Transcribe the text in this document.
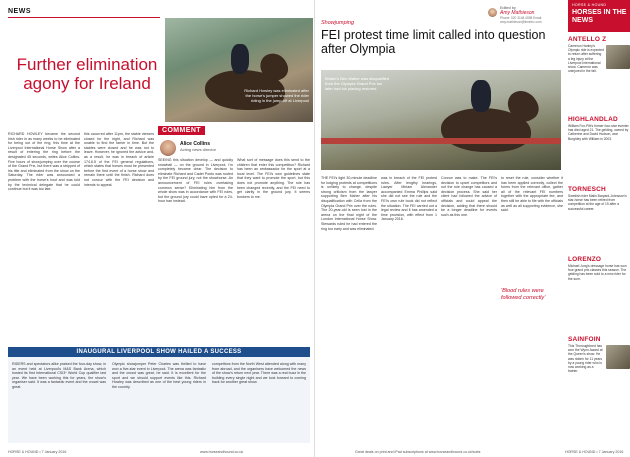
NEWS
Further elimination agony for Ireland	Richard Howley was eliminated after the horse's jumper showed the rider riding in the jump-off at Liverpool
RICHARD HOWLEY became the second Irish rider in as many weeks to be eliminated for being out of the ring, this time at the Liverpool International Horse Show after a result of entering the ring before the designated 45 seconds, writes Alice Collins. Five hours of showjumping over the course of the Grand Prix, but there was a stripped of his title and eliminated from the show on the Saturday. The rider was announced a problem with the horse's hoof and was told by the technical delegate that he could continue but it was too late.
this occurred after 11pm, the stable viewers closed for the night, and Richard was unable to find the farrier in time. But the stables were closed and he was not to leave. However, he ignored the advice and, as a result, he was in breach of article 174.6.5 of the FEI general regulations, which states that horses must be presented before the first event of a horse show and remain there until the finish. Richard does not concur with the FEI decision and intends to appeal.
COMMENT
Alice Collins
Acting news director
SEEING this situation develop — and quickly snowball — on the ground in Liverpool, I'm completely became clear. The decision to eliminate Richard and Cadet Ponto was rooted by the FEI ground jury, not the showhorse. An announcement of FEI rules overtaking common sense? Eliminating him from the whole show was in accordance with FEI rules, but the ground jury could have opted for a 24-hour ban instead.
What sort of message does this send to the children that enter this competition? Richard has been an ambassador for the sport at a local level. The FEI's own guidelines state that they want to promote the sport, but this does not promote anything. The rule has been changed recently, and the FEI need to get clarity in the ground jury. It seems bonkers to me.
INAUGURAL LIVERPOOL SHOW HAILED A SUCCESS
RIDERS and spectators alike praised the four-day show, in an event held at Liverpool's M&S Bank Arena, which hosted its first International CSI3* World Cup qualifier last year. We have been working this for years, the show's organiser said. It was a fantastic event and the crowd was great.
Olympic showjumper Peter Charles was thrilled to have won a five-star event in Liverpool. The arena was fantastic and the crowd was great, he said. It is excellent for the sport and we should support events like this. Richard Howley was described as one of the best young riders in the country.
competitors from the North West attended along with many from abroad, and the organisers have welcomed the news of the show's return next year. There was a real buzz in the building every single night and we look forward to coming back for another great show.
HORSE & HOUND • 7 January 2016	www.horseandhound.co.uk
Edited by
Amy Mathieson
Phone: 020 3148 4598 Email: amy.mathieson@timeinc.com
HORSE & HOUND
HORSES IN THE NEWS
Showjumping
FEI protest time limit called into question after Olympia
Britain's Ben Maher was disqualified from the Olympia Grand Prix but later had his placing restored
THE FEI's tight 30-minute deadline for lodging protests at competitions is unlikely to change, despite strong criticism from the lawyer supporting Ben Maher after his disqualification with Cella from the Olympia Grand Prix over the rules. The 20-year-old is seen lost in the arena on the final night of the London International Horse Show. Stewards ruled he had entered the ring too early and was eliminated.
was in breach of the FEI protest rules. After lengthy hearings, Lawyer Miriam Alexander accompanied Emma Phillips said she did not see the rule and the FEI's own rule book did not reflect the situation. The FEI carried out a legal review and it has amended a time provision, with effect from 1 January 2016.
Connor was to make. The FEI's decision to upset competitors and not the rule change has caused a decision process. She said her client had followed the advice of officials and could appeal the decision, adding that there should be a longer deadline for events such as this one.
to reset the rule, consider whether it has been applied correctly, collect the forms from the relevant office, gather all of the relevant FEI numbers together with the appropriate fee, and then still be able to file with the officials as well as all supporting evidence, she said.
'Blood rules were followed correctly'
ANTELLO Z
Cameron Hanley's Olympic ride is expected to return after suffering a leg injury at the Liverpool International show. Cameron was uninjured in the fall.
HIGHLANDLAD
William Fox-Pitt's former four-star eventer has died aged 21. The gelding, owned by Catherine and David Hudson, won Burghley with William in 2003.
TORNESCH
Swedish rider Malin Baryard-Johnsson's star-horse has been retired from competition at the age of 19 after a successful career.
LORENZO
Michael Jung's dressage horse has won four grand prix classes this season. The gelding has been sold to a new rider for the sum.
SAINFOIN
This Thoroughbred has won the Wynn Award at the Queen's show. He was ridden for 11 years by a young rider who is now working as a trainer.
Great deals on print and iPad subscriptions at www.horseandhound.co.uk/subs	HORSE & HOUND • 7 January 2016
